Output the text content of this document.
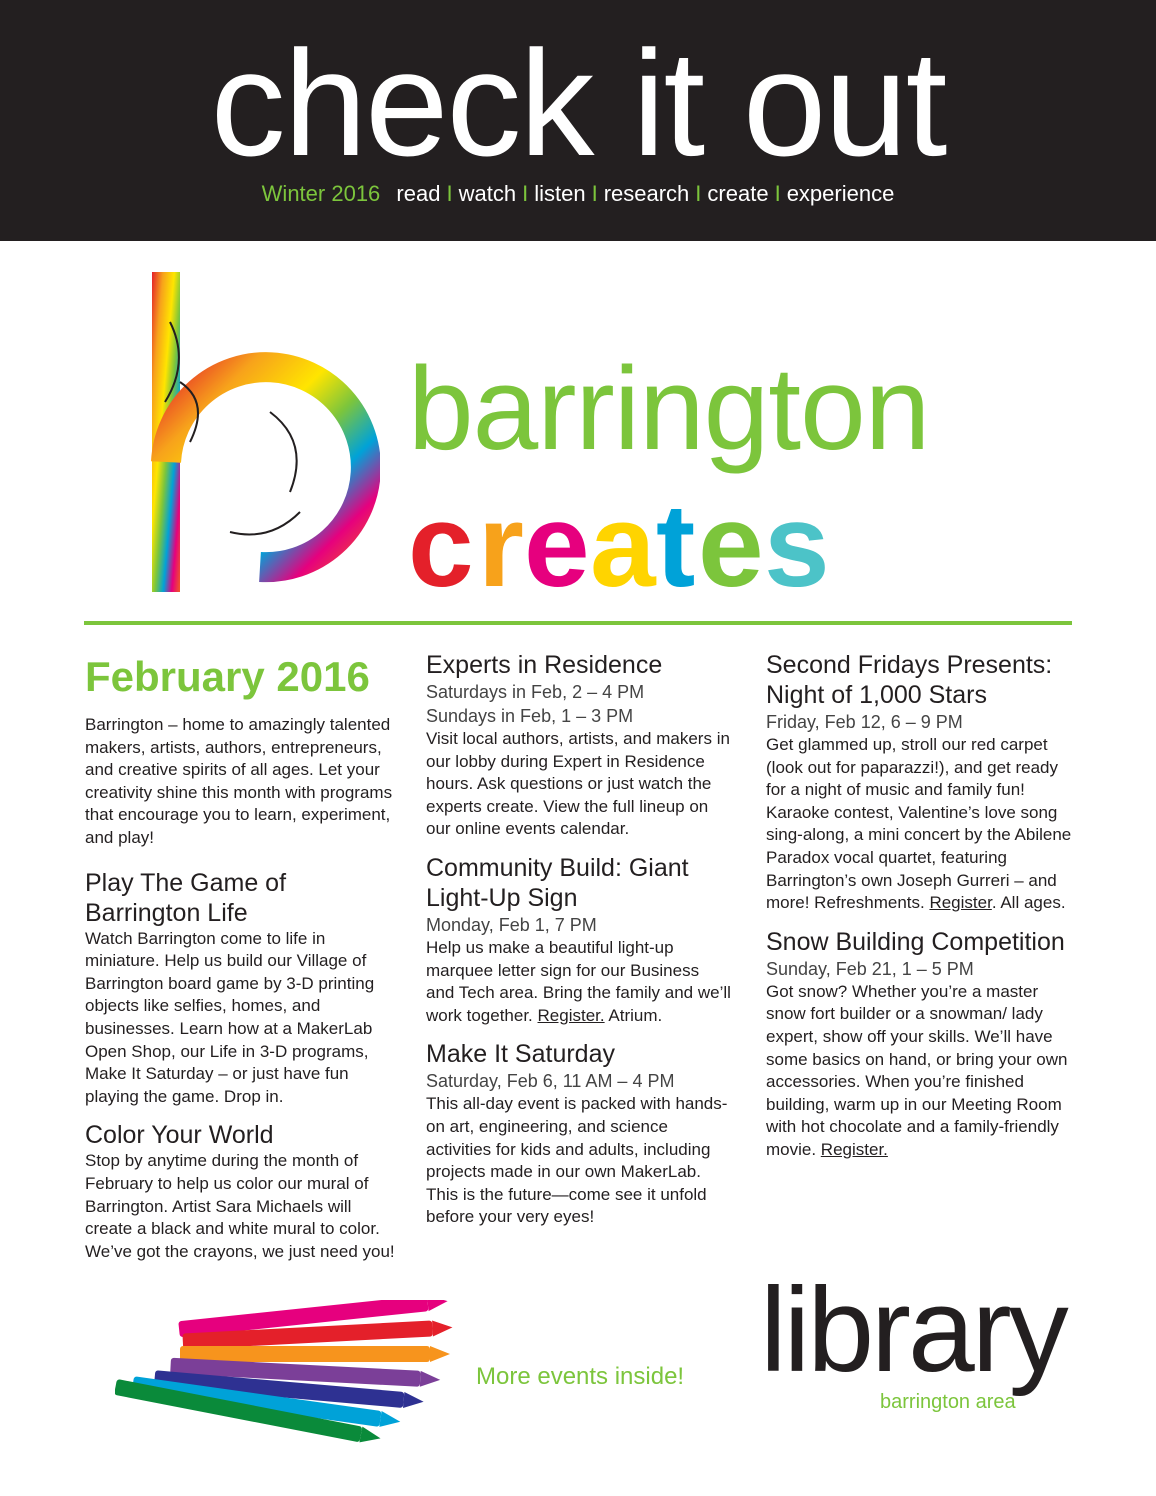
check it out
Winter 2016 read I watch I listen I research I create I experience
barrington
c r e a t e s
February 2016

Barrington – home to amazingly talented makers, artists, authors, entrepreneurs, and creative spirits of all ages. Let your creativity shine this month with programs that encourage you to learn, experiment, and play!

Play The Game of Barrington Life

Watch Barrington come to life in miniature. Help us build our Village of Barrington board game by 3-D printing objects like selfies, homes, and businesses. Learn how at a MakerLab Open Shop, our Life in 3-D programs, Make It Saturday – or just have fun playing the game. Drop in.

Color Your World

Stop by anytime during the month of February to help us color our mural of Barrington. Artist Sara Michaels will create a black and white mural to color. We’ve got the crayons, we just need you!

Experts in Residence

Saturdays in Feb, 2 – 4 PM

Sundays in Feb, 1 – 3 PM

Visit local authors, artists, and makers in our lobby during Expert in Residence hours. Ask questions or just watch the experts create. View the full lineup on our online events calendar.

Community Build: Giant Light-Up Sign

Monday, Feb 1, 7 PM

Help us make a beautiful light-up marquee letter sign for our Business and Tech area. Bring the family and we’ll work together. Register. Atrium.

Make It Saturday

Saturday, Feb 6, 11 AM – 4 PM

This all-day event is packed with hands-on art, engineering, and science activities for kids and adults, including projects made in our own MakerLab. This is the future—come see it unfold before your very eyes!

Second Fridays Presents: Night of 1,000 Stars

Friday, Feb 12, 6 – 9 PM

Get glammed up, stroll our red carpet (look out for paparazzi!), and get ready for a night of music and family fun! Karaoke contest, Valentine’s love song sing-along, a mini concert by the Abilene Paradox vocal quartet, featuring Barrington’s own Joseph Gurreri – and more! Refreshments. Register. All ages.

Snow Building Competition

Sunday, Feb 21, 1 – 5 PM

Got snow? Whether you’re a master snow fort builder or a snowman/ lady expert, show off your skills. We’ll have some basics on hand, or bring your own accessories. When you’re finished building, warm up in our Meeting Room with hot chocolate and a family-friendly movie. Register.

More events inside! library
barrington area
